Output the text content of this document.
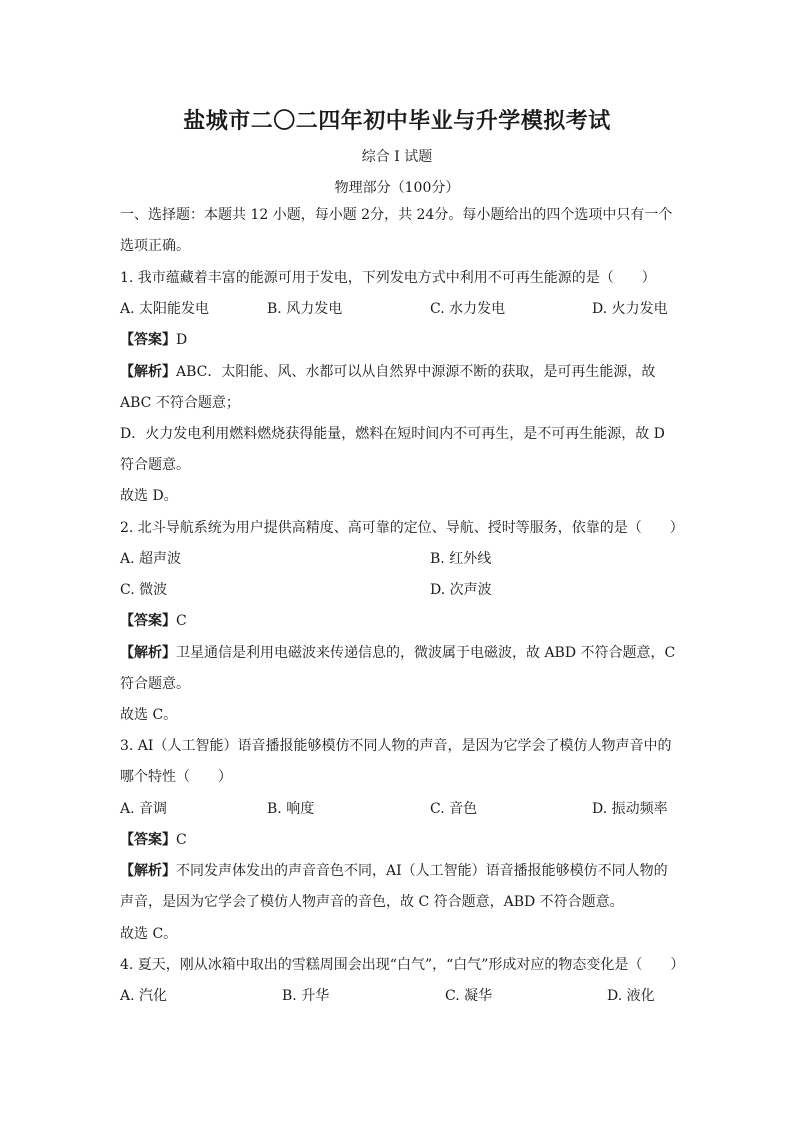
盐城市二〇二四年初中毕业与升学模拟考试
综合 I 试题
物理部分（100分）
一、选择题：本题共 12 小题，每小题 2分，共 24分。每小题给出的四个选项中只有一个
选项正确。
1. 我市蕴藏着丰富的能源可用于发电，下列发电方式中利用不可再生能源的是（　　）
A. 太阳能发电	B. 风力发电	C. 水力发电	D. 火力发电
【答案】D
【解析】ABC．太阳能、风、水都可以从自然界中源源不断的获取，是可再生能源，故
ABC 不符合题意；
D．火力发电利用燃料燃烧获得能量，燃料在短时间内不可再生，是不可再生能源，故 D
符合题意。
故选 D。
2. 北斗导航系统为用户提供高精度、高可靠的定位、导航、授时等服务，依靠的是（　　）
A. 超声波	B. 红外线
C. 微波	D. 次声波
【答案】C
【解析】卫星通信是利用电磁波来传递信息的，微波属于电磁波，故 ABD 不符合题意，C
符合题意。
故选 C。
3. AI（人工智能）语音播报能够模仿不同人物的声音，是因为它学会了模仿人物声音中的
哪个特性（　　）
A. 音调	B. 响度	C. 音色	D. 振动频率
【答案】C
【解析】不同发声体发出的声音音色不同，AI（人工智能）语音播报能够模仿不同人物的
声音，是因为它学会了模仿人物声音的音色，故 C 符合题意，ABD 不符合题意。
故选 C。
4. 夏天，刚从冰箱中取出的雪糕周围会出现“白气”，“白气”形成对应的物态变化是（　　）
A. 汽化	B. 升华	C. 凝华	D. 液化
